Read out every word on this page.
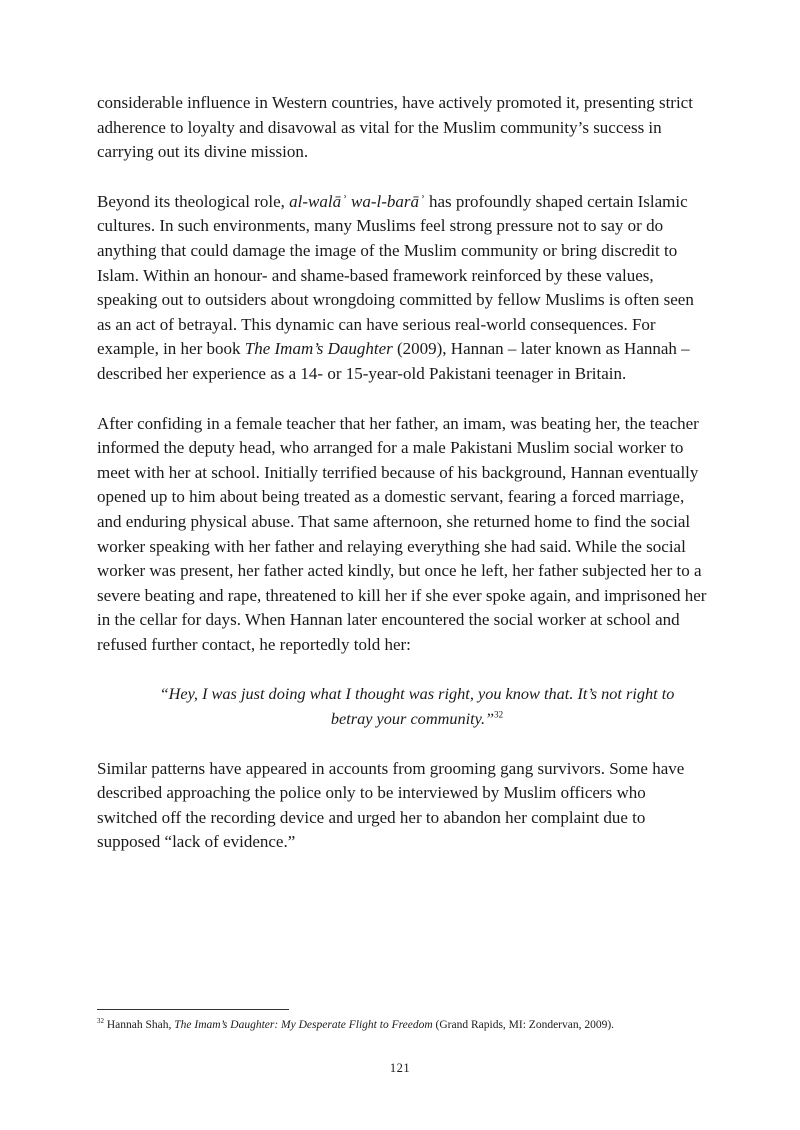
considerable influence in Western countries, have actively promoted it, presenting strict adherence to loyalty and disavowal as vital for the Muslim community’s success in carrying out its divine mission.

Beyond its theological role, al-walāʾ wa-l-barāʾ has profoundly shaped certain Islamic cultures. In such environments, many Muslims feel strong pressure not to say or do anything that could damage the image of the Muslim community or bring discredit to Islam. Within an honour- and shame-based framework reinforced by these values, speaking out to outsiders about wrongdoing committed by fellow Muslims is often seen as an act of betrayal. This dynamic can have serious real-world consequences. For example, in her book The Imam’s Daughter (2009), Hannan – later known as Hannah – described her experience as a 14- or 15-year-old Pakistani teenager in Britain.

After confiding in a female teacher that her father, an imam, was beating her, the teacher informed the deputy head, who arranged for a male Pakistani Muslim social worker to meet with her at school. Initially terrified because of his background, Hannan eventually opened up to him about being treated as a domestic servant, fearing a forced marriage, and enduring physical abuse. That same afternoon, she returned home to find the social worker speaking with her father and relaying everything she had said. While the social worker was present, her father acted kindly, but once he left, her father subjected her to a severe beating and rape, threatened to kill her if she ever spoke again, and imprisoned her in the cellar for days. When Hannan later encountered the social worker at school and refused further contact, he reportedly told her:

“Hey, I was just doing what I thought was right, you know that. It’s not right to betray your community.”$^{32}$

Similar patterns have appeared in accounts from grooming gang survivors. Some have described approaching the police only to be interviewed by Muslim officers who switched off the recording device and urged her to abandon her complaint due to supposed “lack of evidence.”

$^{32}$ Hannah Shah, The Imam’s Daughter: My Desperate Flight to Freedom (Grand Rapids, MI: Zondervan, 2009).

121
